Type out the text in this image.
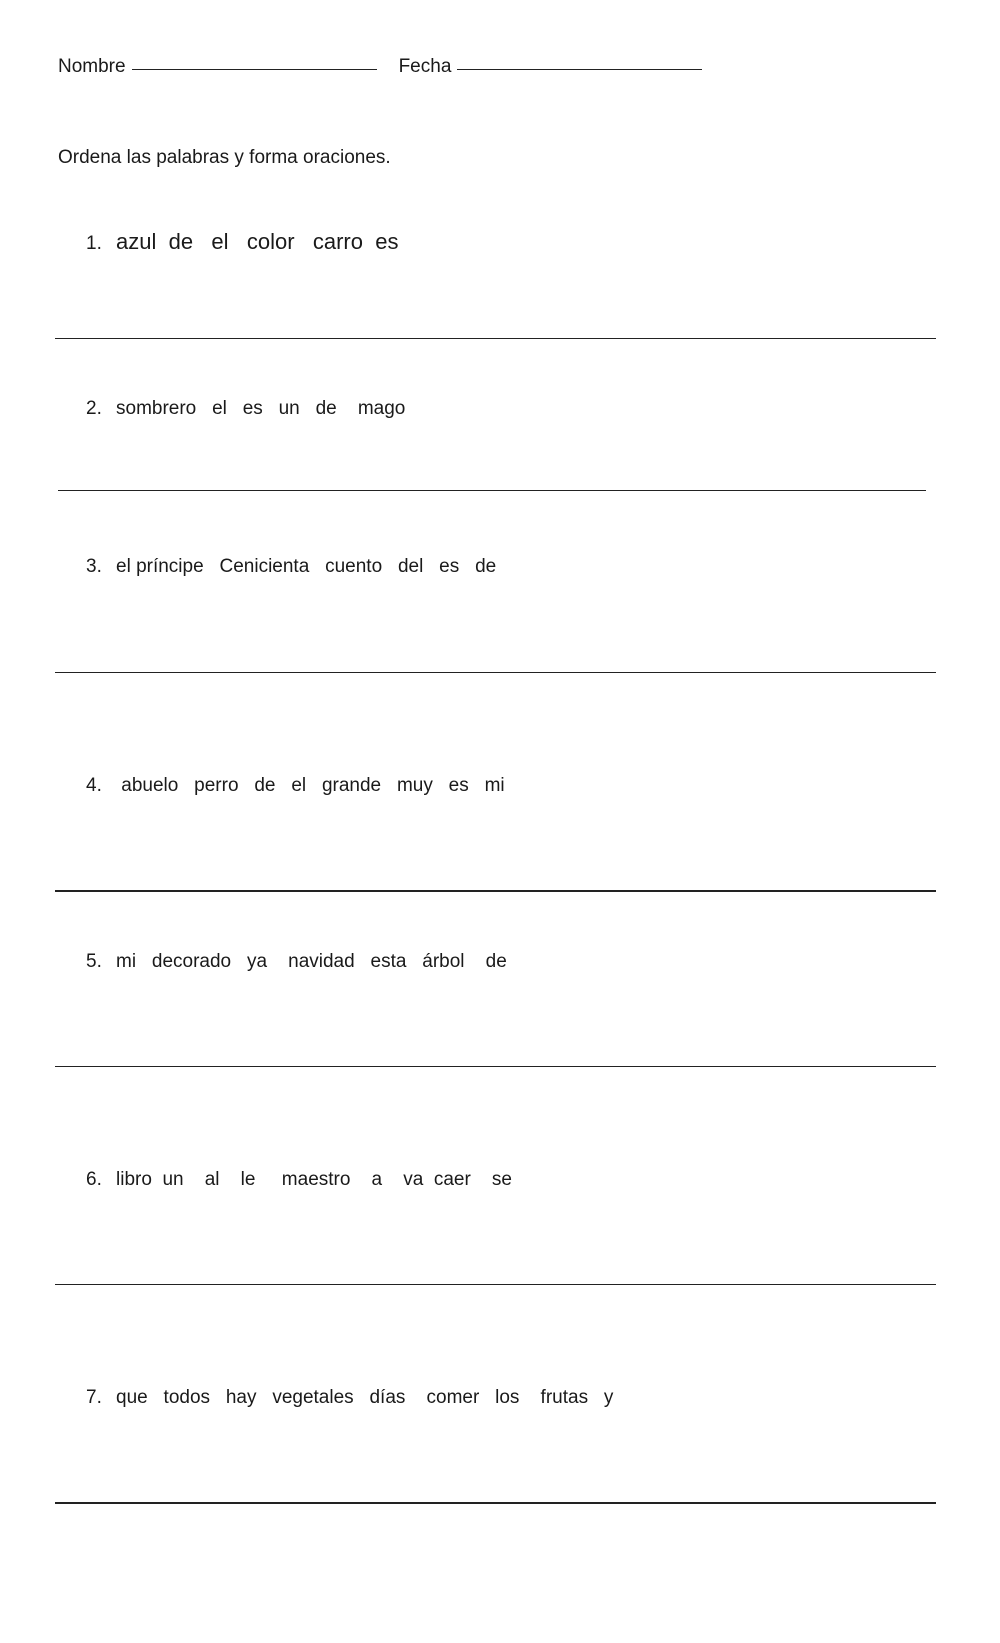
Nombre	Fecha
Ordena las palabras y forma oraciones.
1. azul  de   el   color   carro  es
2. sombrero   el   es   un   de    mago
3. el príncipe   Cenicienta   cuento   del   es   de
4. abuelo   perro   de   el   grande   muy   es   mi
5. mi   decorado   ya    navidad   esta   árbol    de
6. libro  un    al    le     maestro    a    va  caer    se
7. que   todos   hay   vegetales   días    comer   los    frutas   y
